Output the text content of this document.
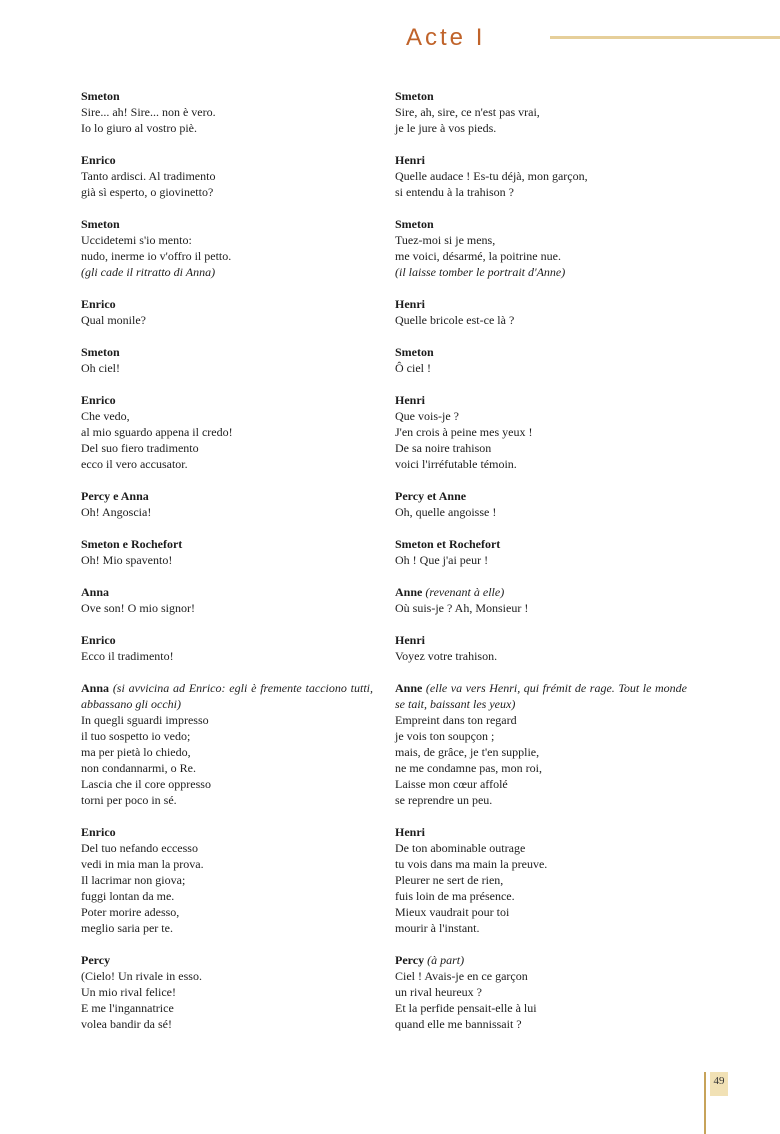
Acte I
Smeton
Sire... ah! Sire... non è vero.
Io lo giuro al vostro piè.
Enrico
Tanto ardisci. Al tradimento
già sì esperto, o giovinetto?
Smeton
Uccidetemi s'io mento:
nudo, inerme io v'offro il petto.
(gli cade il ritratto di Anna)
Enrico
Qual monile?
Smeton
Oh ciel!
Enrico
Che vedo,
al mio sguardo appena il credo!
Del suo fiero tradimento
ecco il vero accusator.
Percy e Anna
Oh! Angoscia!
Smeton e Rochefort
Oh! Mio spavento!
Anna
Ove son! O mio signor!
Enrico
Ecco il tradimento!
Anna (si avvicina ad Enrico: egli è fremente tacciono tutti, abbassano gli occhi)
In quegli sguardi impresso
il tuo sospetto io vedo;
ma per pietà lo chiedo,
non condannarmi, o Re.
Lascia che il core oppresso
torni per poco in sé.
Enrico
Del tuo nefando eccesso
vedi in mia man la prova.
Il lacrimar non giova;
fuggi lontan da me.
Poter morire adesso,
meglio saria per te.
Percy
(Cielo! Un rivale in esso.
Un mio rival felice!
E me l'ingannatrice
volea bandir da sé!
Smeton
Sire, ah, sire, ce n'est pas vrai,
je le jure à vos pieds.
Henri
Quelle audace ! Es-tu déjà, mon garçon,
si entendu à la trahison ?
Smeton
Tuez-moi si je mens,
me voici, désarmé, la poitrine nue.
(il laisse tomber le portrait d'Anne)
Henri
Quelle bricole est-ce là ?
Smeton
Ô ciel !
Henri
Que vois-je ?
J'en crois à peine mes yeux !
De sa noire trahison
voici l'irréfutable témoin.
Percy et Anne
Oh, quelle angoisse !
Smeton et Rochefort
Oh ! Que j'ai peur !
Anne (revenant à elle)
Où suis-je ? Ah, Monsieur !
Henri
Voyez votre trahison.
Anne (elle va vers Henri, qui frémit de rage. Tout le monde se tait, baissant les yeux)
Empreint dans ton regard
je vois ton soupçon ;
mais, de grâce, je t'en supplie,
ne me condamne pas, mon roi,
Laisse mon cœur affolé
se reprendre un peu.
Henri
De ton abominable outrage
tu vois dans ma main la preuve.
Pleurer ne sert de rien,
fuis loin de ma présence.
Mieux vaudrait pour toi
mourir à l'instant.
Percy (à part)
Ciel ! Avais-je en ce garçon
un rival heureux ?
Et la perfide pensait-elle à lui
quand elle me bannissait ?
49
